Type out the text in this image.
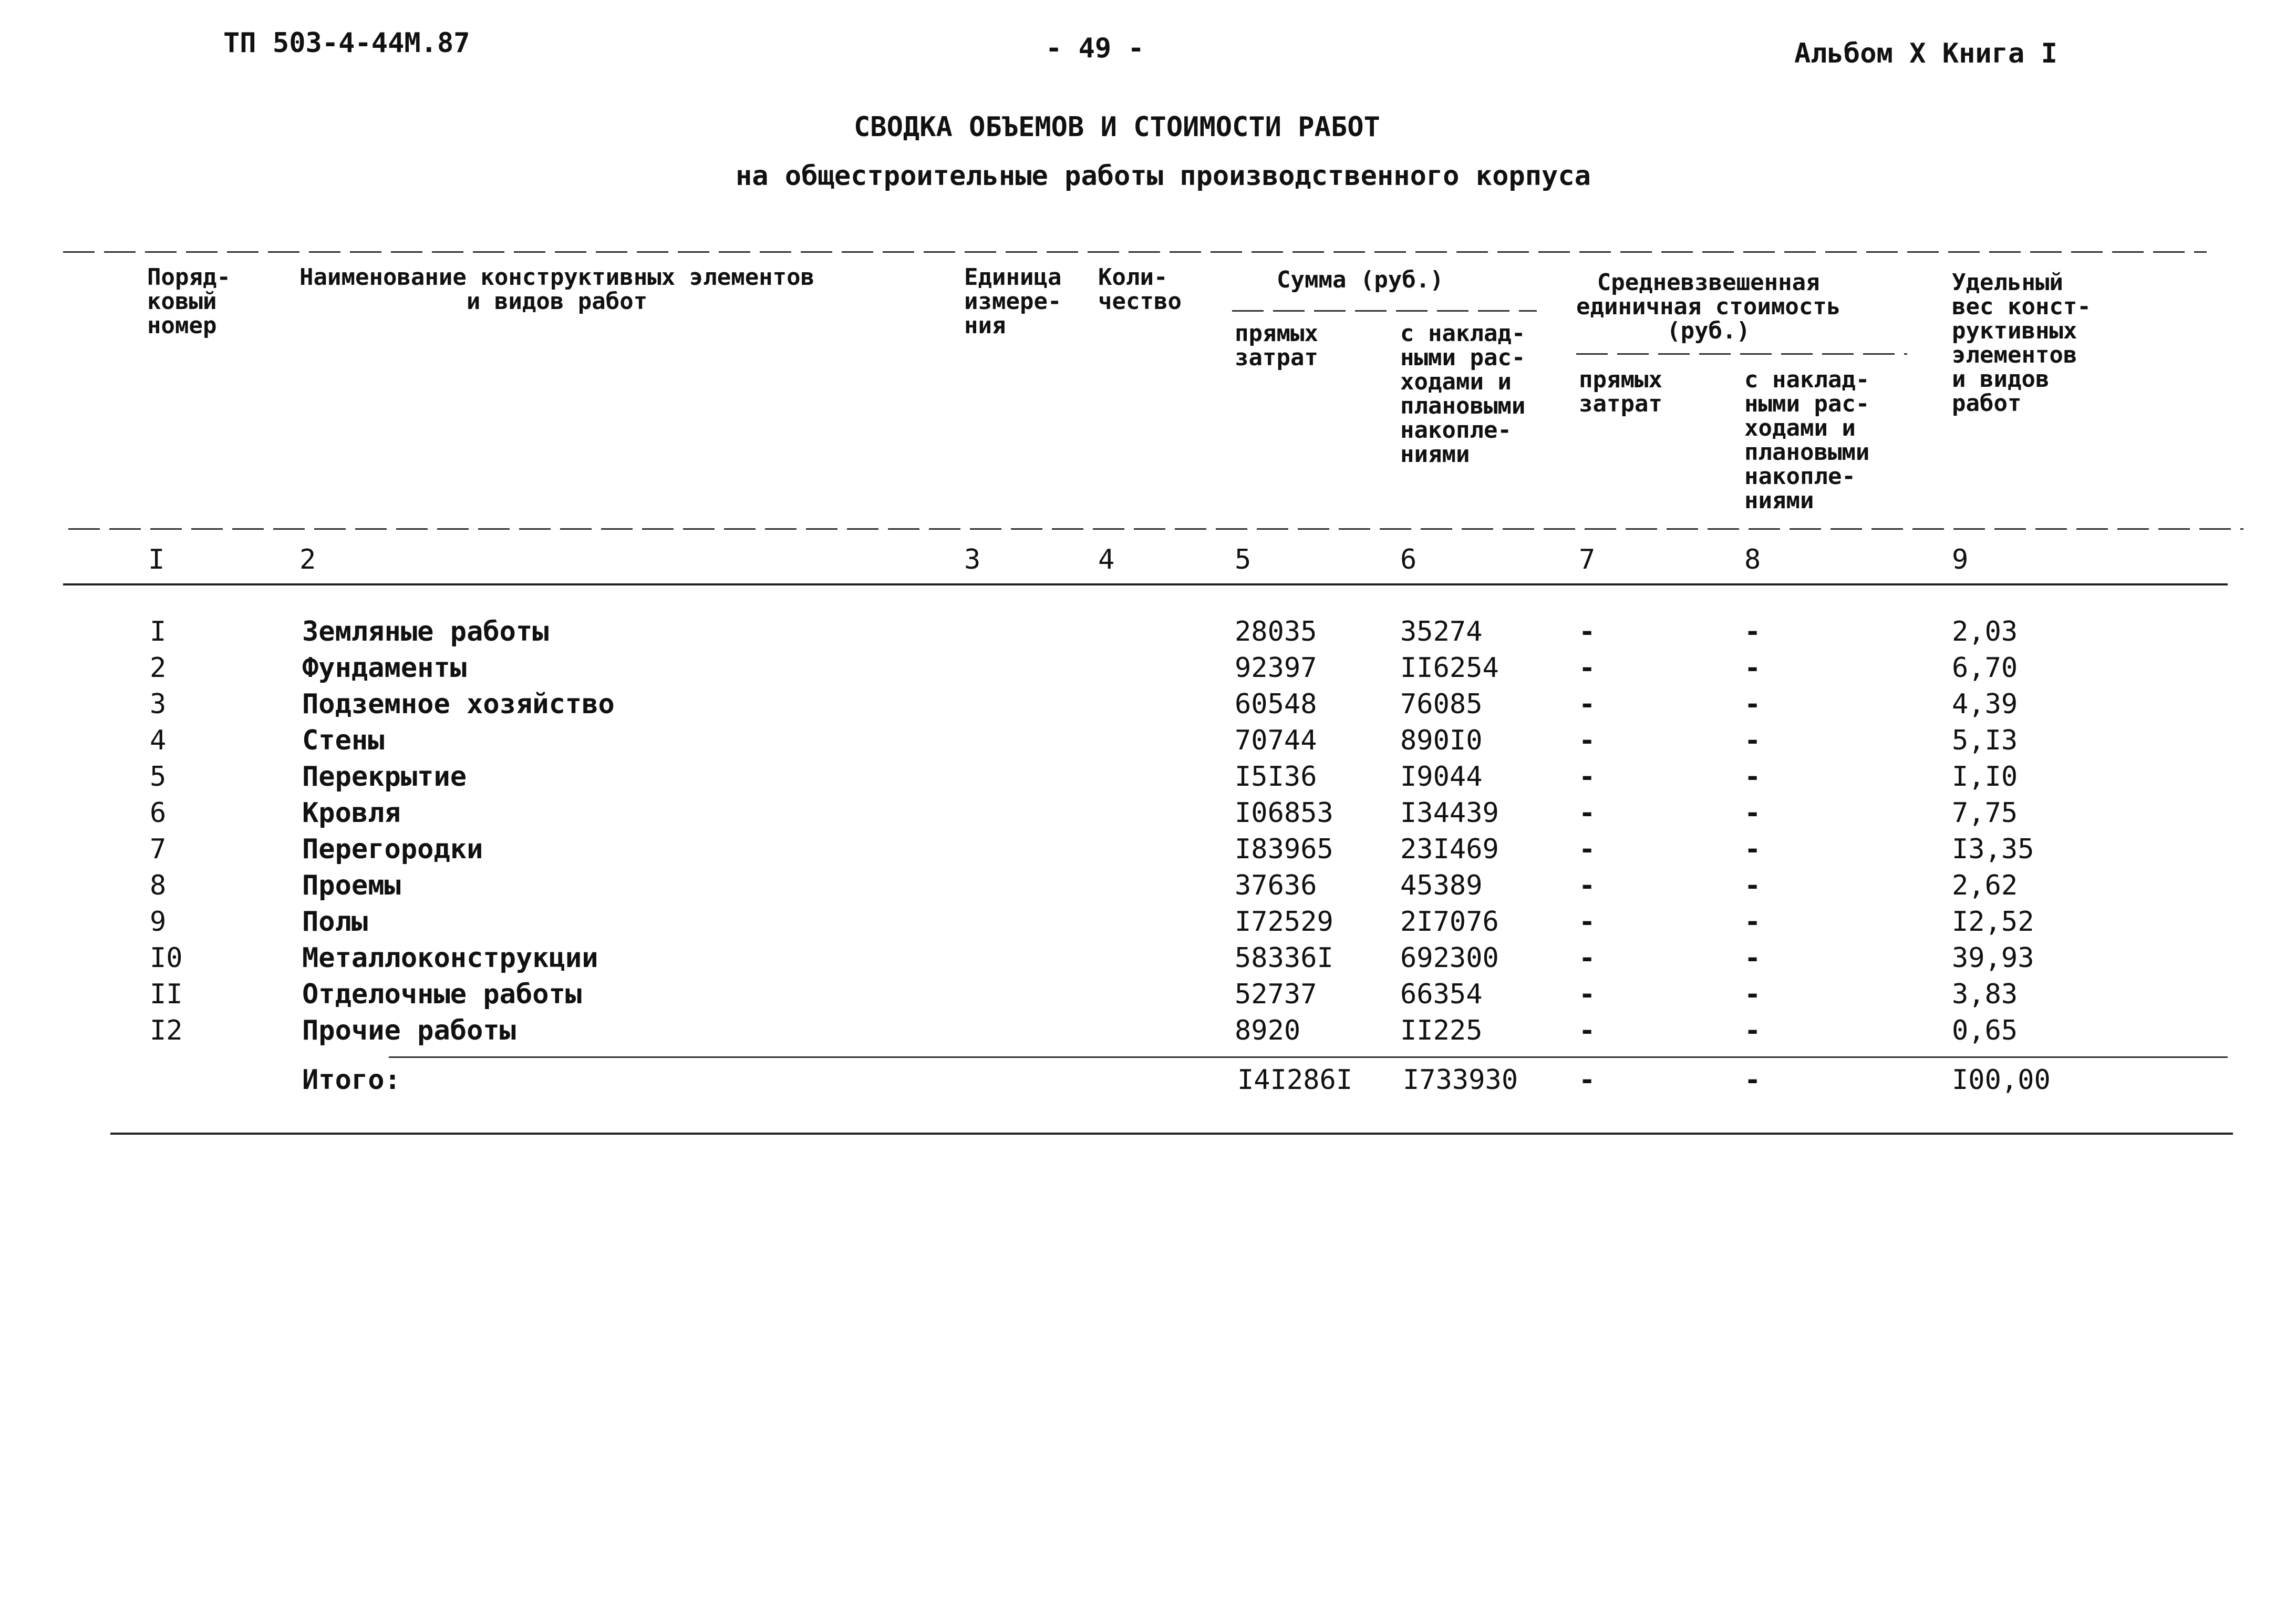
ТП 503-4-44М.87	- 49 -	Альбом X Книга I
СВОДКА ОБЪЕМОВ И СТОИМОСТИ РАБОТ
на общестроительные работы производственного корпуса
Поряд-
ковый
номер
Наименование конструктивных элементов
и видов работ
Единица
измере-
ния
Коли-
чество
Сумма (руб.)
прямых
затрат
с наклад-
ными рас-
ходами и
плановыми
накопле-
ниями
Средневзвешенная
единичная стоимость
(руб.)
прямых
затрат
с наклад-
ными рас-
ходами и
плановыми
накопле-
ниями
Удельный
вес конст-
руктивных
элементов
и видов
работ
I	2	3	4	5	6	7	8	9
I	Земляные работы	28035	35274	-	-	2,03
2	Фундаменты	92397	II6254	-	-	6,70
3	Подземное хозяйство	60548	76085	-	-	4,39
4	Стены	70744	890I0	-	-	5,I3
5	Перекрытие	I5I36	I9044	-	-	I,I0
6	Кровля	I06853 I34439	-	-	7,75
7	Перегородки	I83965 23I469	-	-	I3,35
8	Проемы	37636	45389	-	-	2,62
9	Полы	I72529 2I7076	-	-	I2,52
I0	Металлоконструкции	58336I 692300	-	-	39,93
II	Отделочные работы	52737	66354	-	-	3,83
I2	Прочие работы	8920	II225	-	-	0,65
Итого:	I4I286I I733930 -	-	I00,00
